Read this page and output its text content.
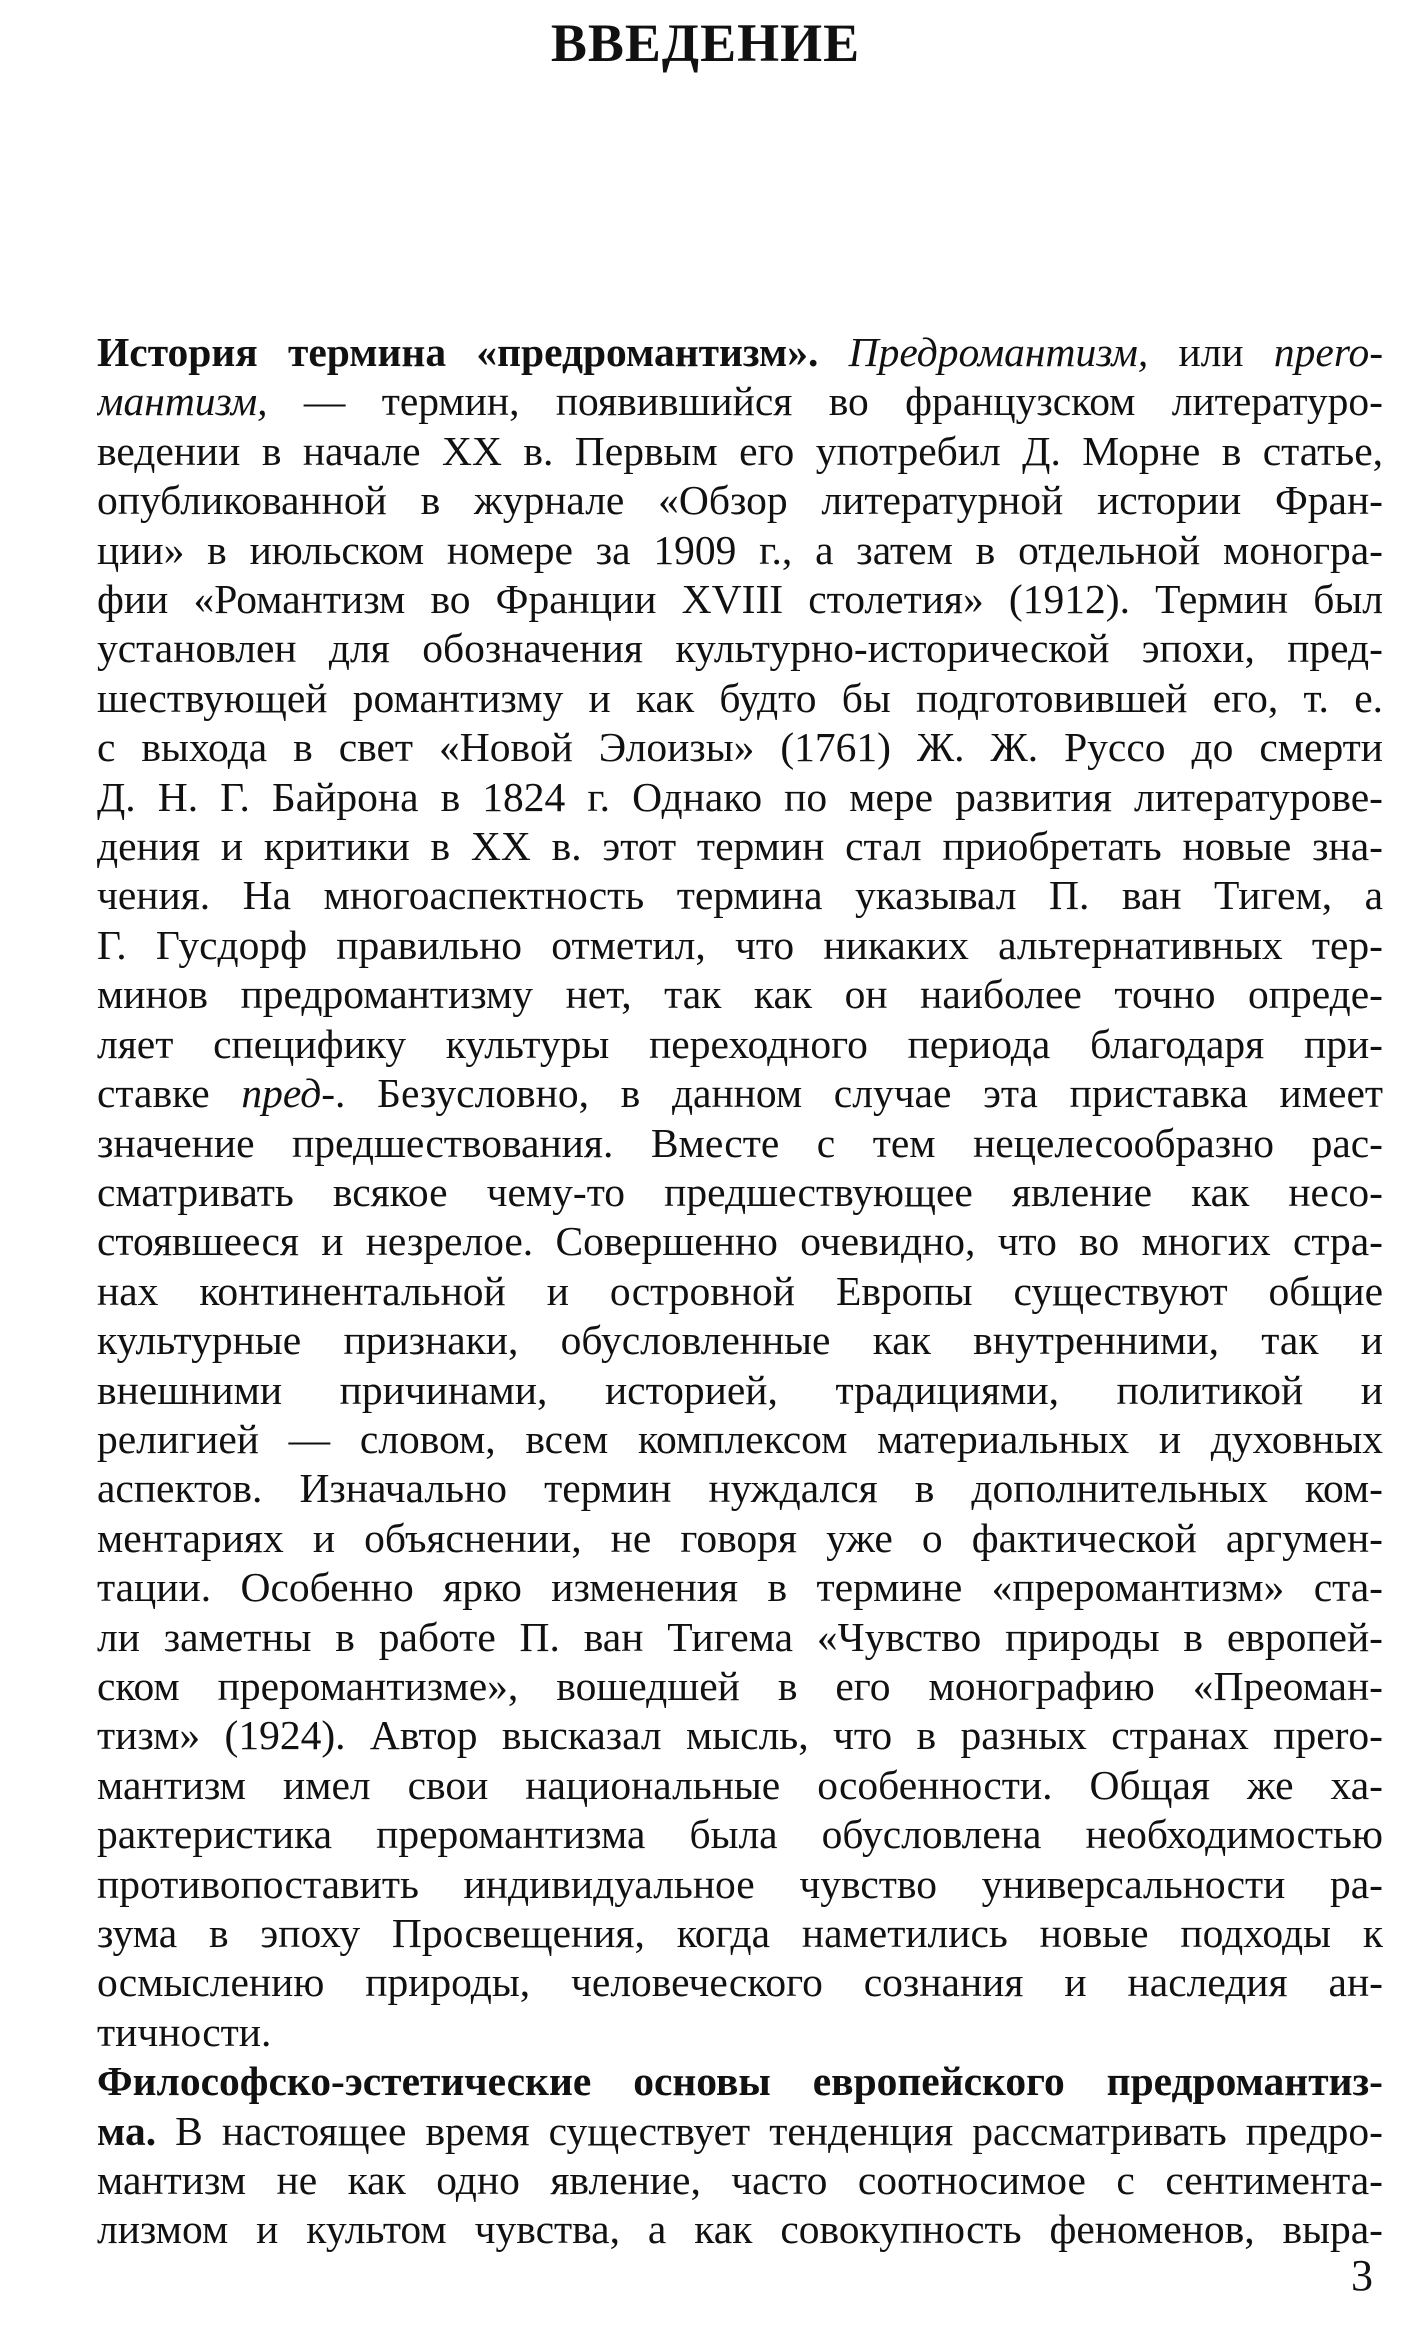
ВВЕДЕНИЕ
История термина «предромантизм». Предромантизм, или прero-
мантизм, — термин, появившийся во французском литературо-
ведении в начале XX в. Первым его употребил Д. Морне в статье,
опубликованной в журнале «Обзор литературной истории Фран-
ции» в июльском номере за 1909 г., а затем в отдельной моногра-
фии «Романтизм во Франции XVIII столетия» (1912). Термин был
установлен для обозначения культурно-исторической эпохи, пред-
шествующей романтизму и как будто бы подготовившей его, т. е.
с выхода в свет «Новой Элоизы» (1761) Ж. Ж. Руссо до смерти
Д. Н. Г. Байрона в 1824 г. Однако по мере развития литературове-
дения и критики в XX в. этот термин стал приобретать новые зна-
чения. На многоаспектность термина указывал П. ван Тигем, а
Г. Гусдорф правильно отметил, что никаких альтернативных тер-
минов предромантизму нет, так как он наиболее точно опреде-
ляет специфику культуры переходного периода благодаря при-
ставке пред-. Безусловно, в данном случае эта приставка имеет
значение предшествования. Вместе с тем нецелесообразно рас-
сматривать всякое чему-то предшествующее явление как несо-
стоявшееся и незрелое. Совершенно очевидно, что во многих стра-
нах континентальной и островной Европы существуют общие
культурные признаки, обусловленные как внутренними, так и
внешними причинами, историей, традициями, политикой и
религией — словом, всем комплексом материальных и духовных
аспектов. Изначально термин нуждался в дополнительных ком-
ментариях и объяснении, не говоря уже о фактической аргумен-
тации. Особенно ярко изменения в термине «преромантизм» ста-
ли заметны в работе П. ван Тигема «Чувство природы в европей-
ском преромантизме», вошедшей в его монографию «Преоман-
тизм» (1924). Автор высказал мысль, что в разных странах прero-
мантизм имел свои национальные особенности. Общая же ха-
рактеристика преромантизма была обусловлена необходимостью
противопоставить индивидуальное чувство универсальности ра-
зума в эпоху Просвещения, когда наметились новые подходы к
осмыслению природы, человеческого сознания и наследия ан-
тичности.
Философско-эстетические основы европейского предромантиз-
ма. В настоящее время существует тенденция рассматривать предро-
мантизм не как одно явление, часто соотносимое с сентимента-
лизмом и культом чувства, а как совокупность феноменов, выра-
3
